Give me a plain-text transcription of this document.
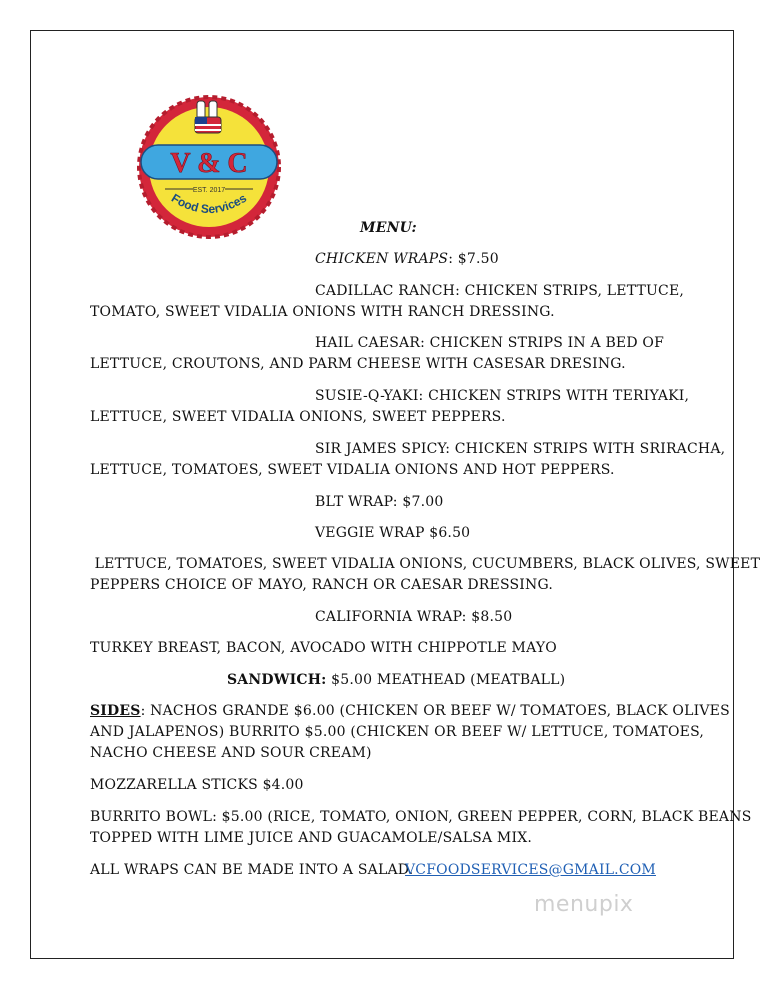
V & C
EST. 2017
Food Services
MENU:
CHICKEN WRAPS: $7.50
CADILLAC RANCH: CHICKEN STRIPS, LETTUCE,
TOMATO, SWEET VIDALIA ONIONS WITH RANCH DRESSING.
HAIL CAESAR: CHICKEN STRIPS IN A BED OF
LETTUCE, CROUTONS, AND PARM CHEESE WITH CASESAR DRESING.
SUSIE-Q-YAKI: CHICKEN STRIPS WITH TERIYAKI,
LETTUCE, SWEET VIDALIA ONIONS, SWEET PEPPERS.
SIR JAMES SPICY: CHICKEN STRIPS WITH SRIRACHA,
LETTUCE, TOMATOES, SWEET VIDALIA ONIONS AND HOT PEPPERS.
BLT WRAP: $7.00
VEGGIE WRAP $6.50
LETTUCE, TOMATOES, SWEET VIDALIA ONIONS, CUCUMBERS, BLACK OLIVES, SWEET
PEPPERS CHOICE OF MAYO, RANCH OR CAESAR DRESSING.
CALIFORNIA WRAP: $8.50
TURKEY BREAST, BACON, AVOCADO WITH CHIPPOTLE MAYO
SANDWICH: $5.00 MEATHEAD (MEATBALL)
SIDES: NACHOS GRANDE $6.00 (CHICKEN OR BEEF W/ TOMATOES, BLACK OLIVES
AND JALAPENOS) BURRITO $5.00 (CHICKEN OR BEEF W/ LETTUCE, TOMATOES,
NACHO CHEESE AND SOUR CREAM)
MOZZARELLA STICKS $4.00
BURRITO BOWL: $5.00 (RICE, TOMATO, ONION, GREEN PEPPER, CORN, BLACK BEANS
TOPPED WITH LIME JUICE AND GUACAMOLE/SALSA MIX.
ALL WRAPS CAN BE MADE INTO A SALAD.
VCFOODSERVICES@GMAIL.COM
menupix
